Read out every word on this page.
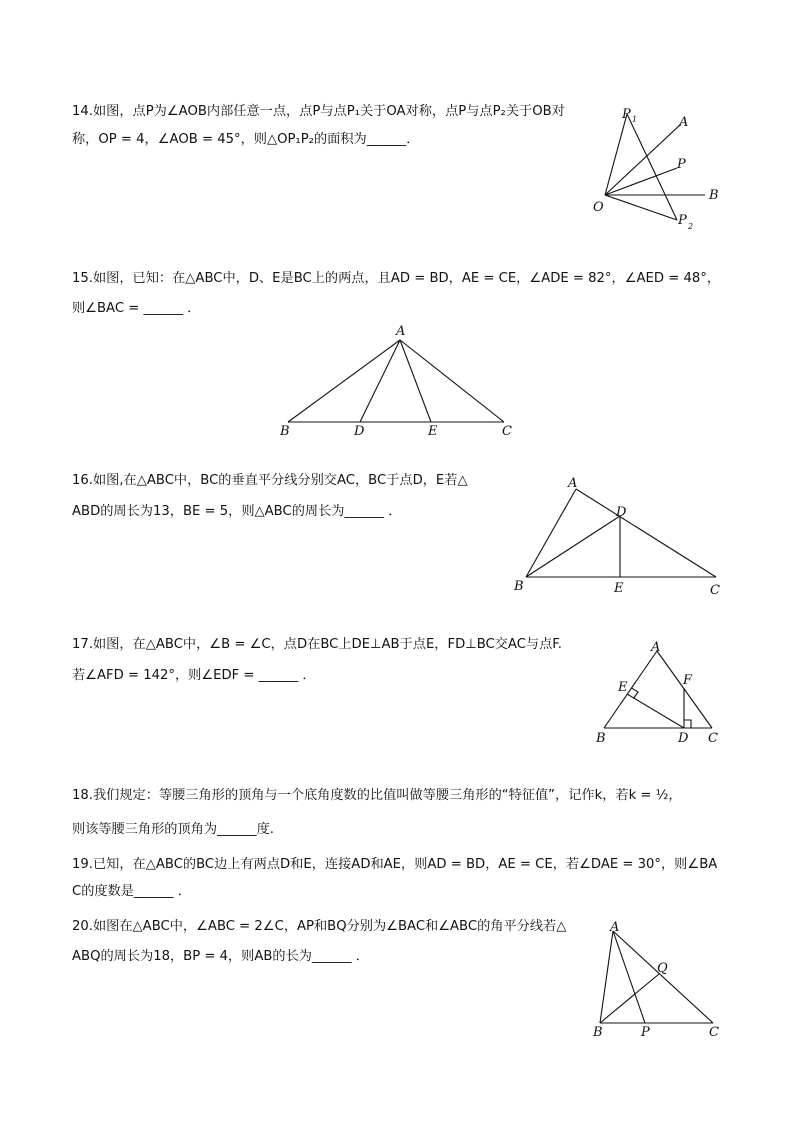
14.如图，点P为∠AOB内部任意一点，点P与点P₁关于OA对称，点P与点P₂关于OB对
称，OP = 4，∠AOB = 45°，则△OP₁P₂的面积为______．
P 1	A
P
B
O
P 2
15.如图，已知：在△ABC中，D、E是BC上的两点，且AD = BD，AE = CE，∠ADE = 82°，∠AED = 48°，
则∠BAC = ______ ．
A
B	D	E	C
16.如图,在△ABC中，BC的垂直平分线分别交AC，BC于点D，E若△
ABD的周长为13，BE = 5，则△ABC的周长为______ ．
A
D
B	E	C
17.如图，在△ABC中，∠B = ∠C，点D在BC上DE⊥AB于点E，FD⊥BC交AC与点F.
若∠AFD = 142°，则∠EDF = ______ ．
A
E	F
B	D C
18.我们规定：等腰三角形的顶角与一个底角度数的比值叫做等腰三角形的“特征值”，记作k，若k = ½，
则该等腰三角形的顶角为______度.
19.已知，在△ABC的BC边上有两点D和E，连接AD和AE，则AD = BD，AE = CE，若∠DAE = 30°，则∠BA
C的度数是______ ．
20.如图在△ABC中，∠ABC = 2∠C，AP和BQ分别为∠BAC和∠ABC的角平分线若△
ABQ的周长为18，BP = 4，则AB的长为______ ．
A
Q
B	P	C
